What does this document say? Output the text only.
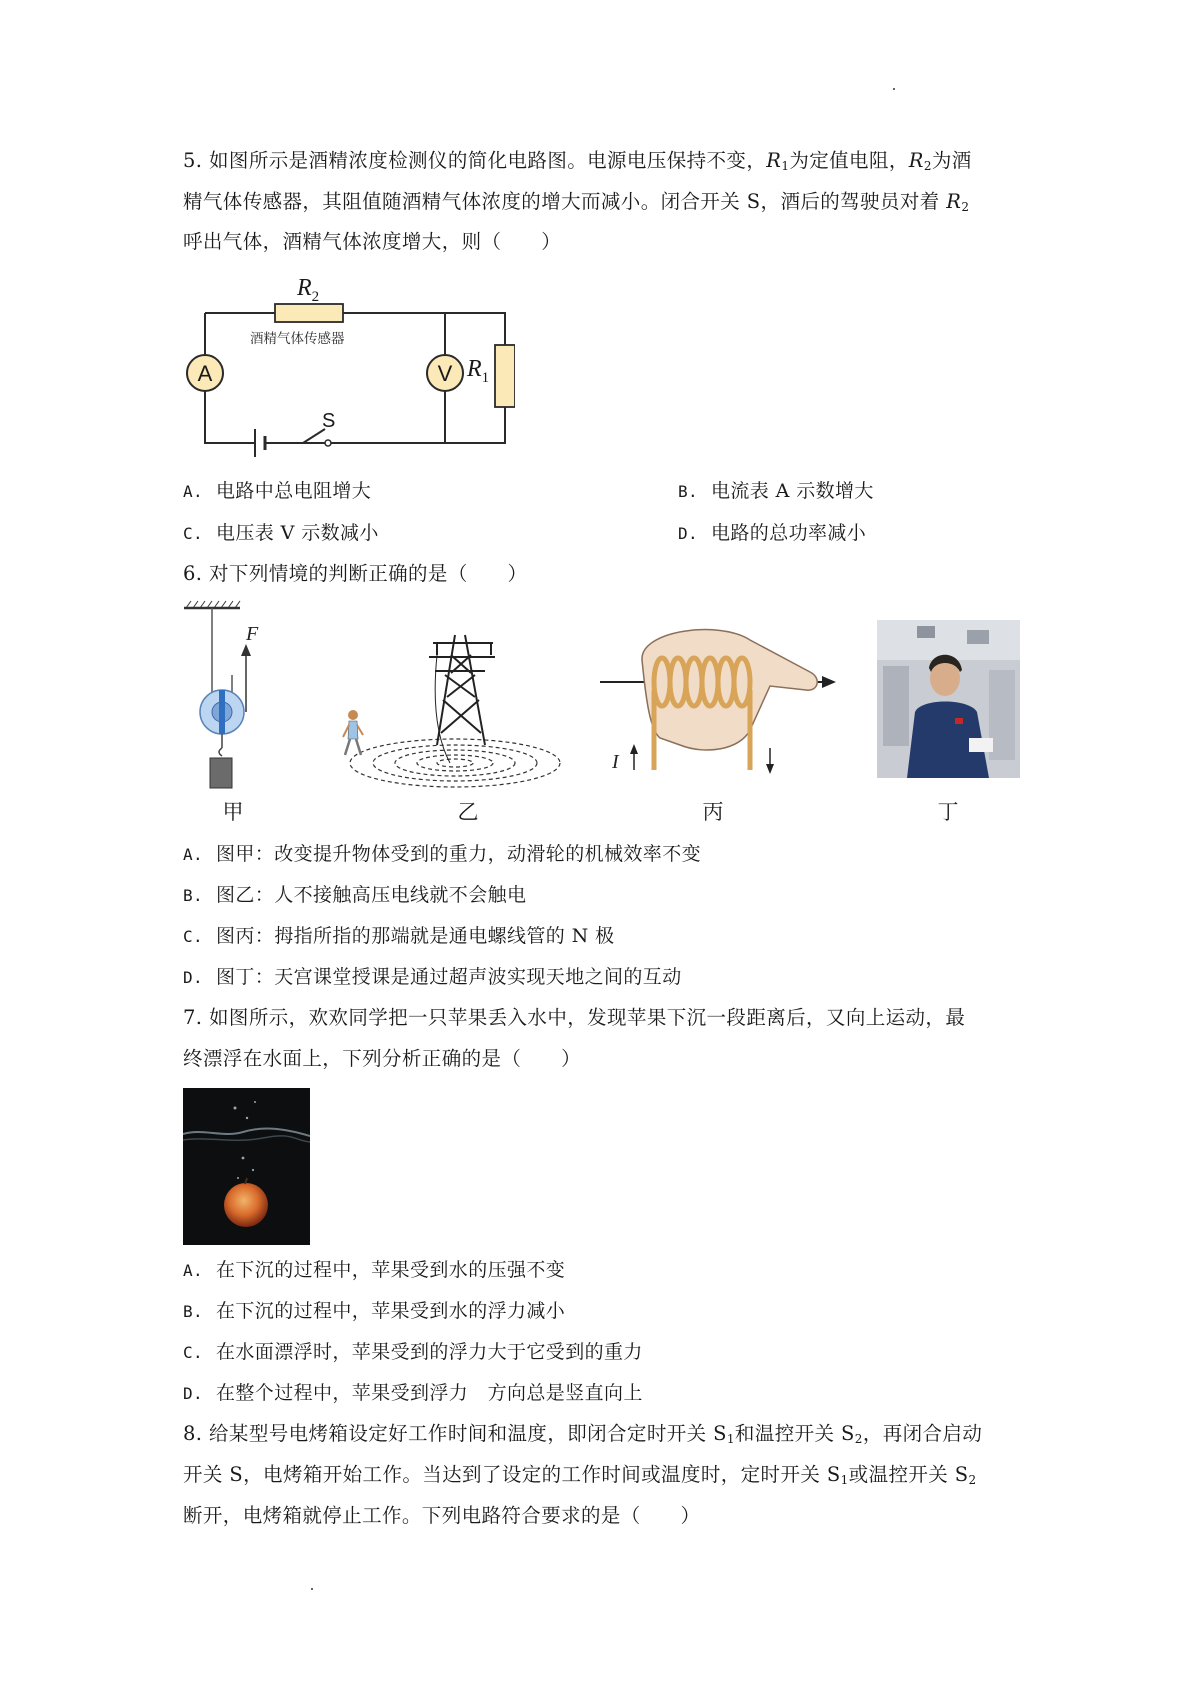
5. 如图所示是酒精浓度检测仪的简化电路图。电源电压保持不变，$R_1$为定值电阻，$R_2$为酒
精气体传感器，其阻值随酒精气体浓度的增大而减小。闭合开关 S，酒后的驾驶员对着 $R_2$
呼出气体，酒精气体浓度增大，则（　　）
$R_2$
酒精气体传感器
A	V $R_1$
S
A. 电路中总电阻增大	B. 电流表 A 示数增大
C. 电压表 V 示数减小	D. 电路的总功率减小
6. 对下列情境的判断正确的是（　　）
F
甲	乙
I
丙	丁
A. 图甲：改变提升物体受到的重力，动滑轮的机械效率不变
B. 图乙：人不接触高压电线就不会触电
C. 图丙：拇指所指的那端就是通电螺线管的 N 极
D. 图丁：天宫课堂授课是通过超声波实现天地之间的互动
7. 如图所示，欢欢同学把一只苹果丢入水中，发现苹果下沉一段距离后，又向上运动，最
终漂浮在水面上，下列分析正确的是（　　）
A. 在下沉的过程中，苹果受到水的压强不变
B. 在下沉的过程中，苹果受到水的浮力减小
C. 在水面漂浮时，苹果受到的浮力大于它受到的重力
D. 在整个过程中，苹果受到浮力　方向总是竖直向上
8. 给某型号电烤箱设定好工作时间和温度，即闭合定时开关 $S_1$和温控开关 $S_2$，再闭合启动
开关 S，电烤箱开始工作。当达到了设定的工作时间或温度时，定时开关 $S_1$或温控开关 $S_2$
断开，电烤箱就停止工作。下列电路符合要求的是（　　）
